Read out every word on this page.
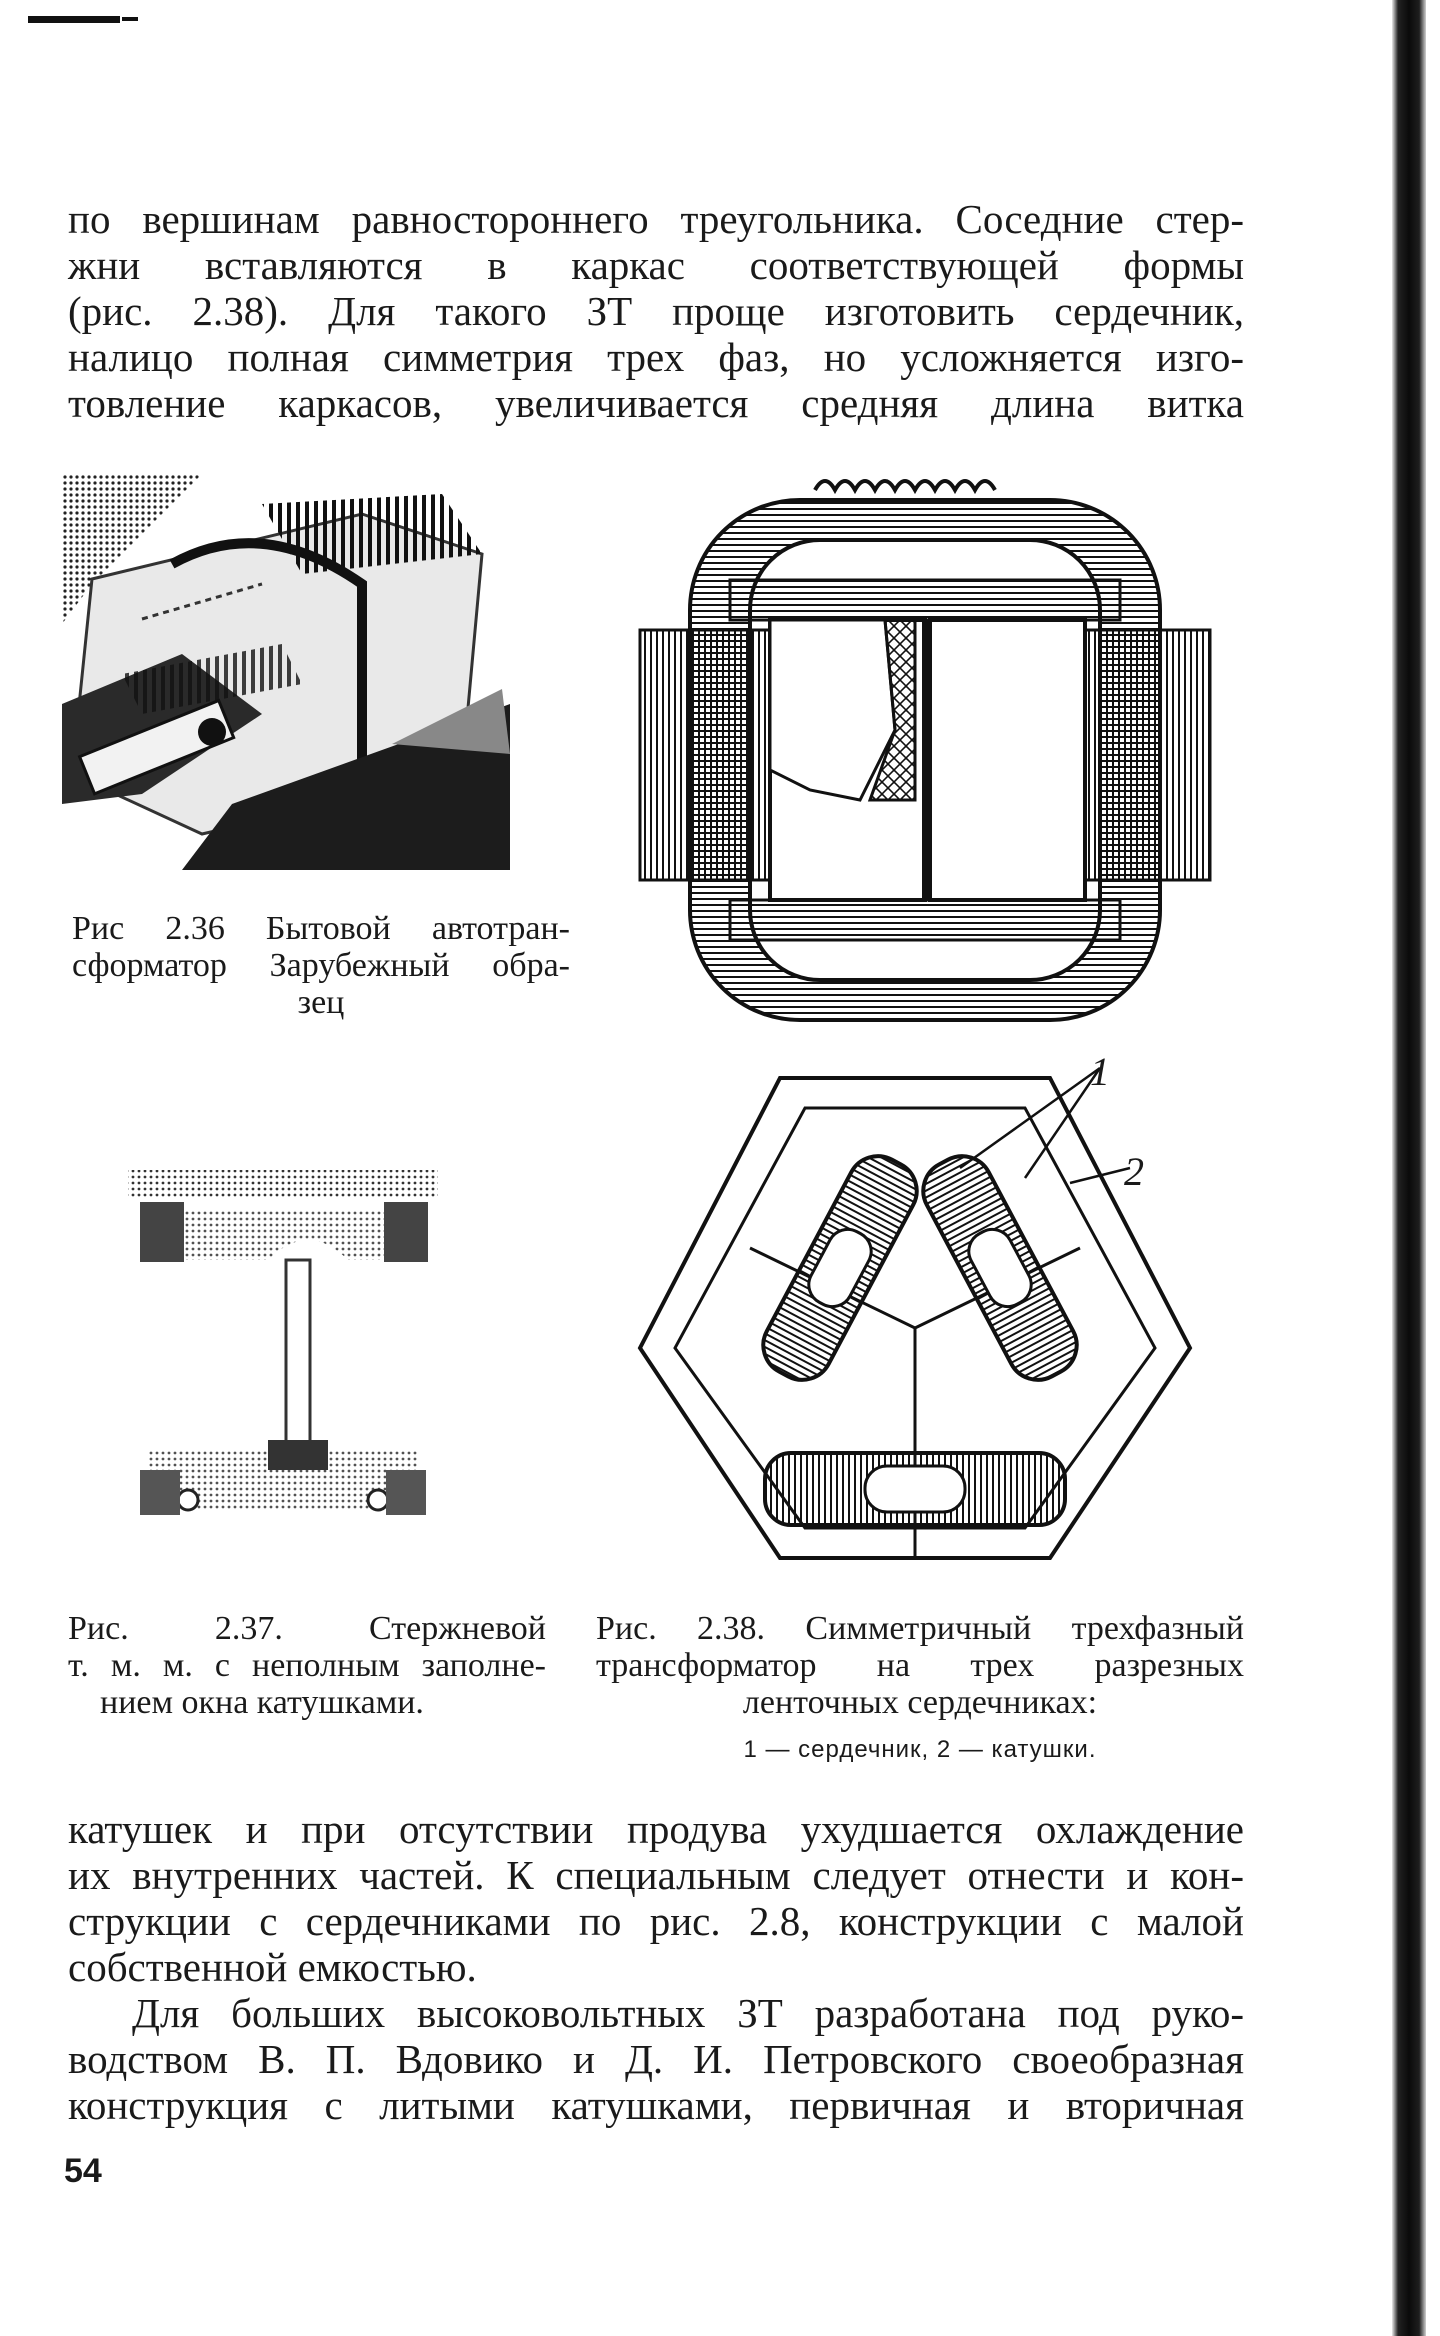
по вершинам равностороннего треугольника. Соседние стер-
жни вставляются в каркас соответствующей формы
(рис. 2.38). Для такого ЗТ проще изготовить сердечник,
налицо полная симметрия трех фаз, но усложняется изго-
товление каркасов, увеличивается средняя длина витка
Рис 2.36 Бытовой автотран-
сформатор Зарубежный обра-
зец
1
2
Рис. 2.37. Стержневой
т. м. м. с неполным заполне-
нием окна катушками.
Рис. 2.38. Симметричный трехфазный
трансформатор на трех разрезных
ленточных сердечниках:
1 — сердечник, 2 — катушки.
катушек и при отсутствии продува ухудшается охлаждение
их внутренних частей. К специальным следует отнести и кон-
струкции с сердечниками по рис. 2.8, конструкции с малой
собственной емкостью.
Для больших высоковольтных ЗТ разработана под руко-
водством В. П. Вдовико и Д. И. Петровского своеобразная
конструкция с литыми катушками, первичная и вторичная
54
